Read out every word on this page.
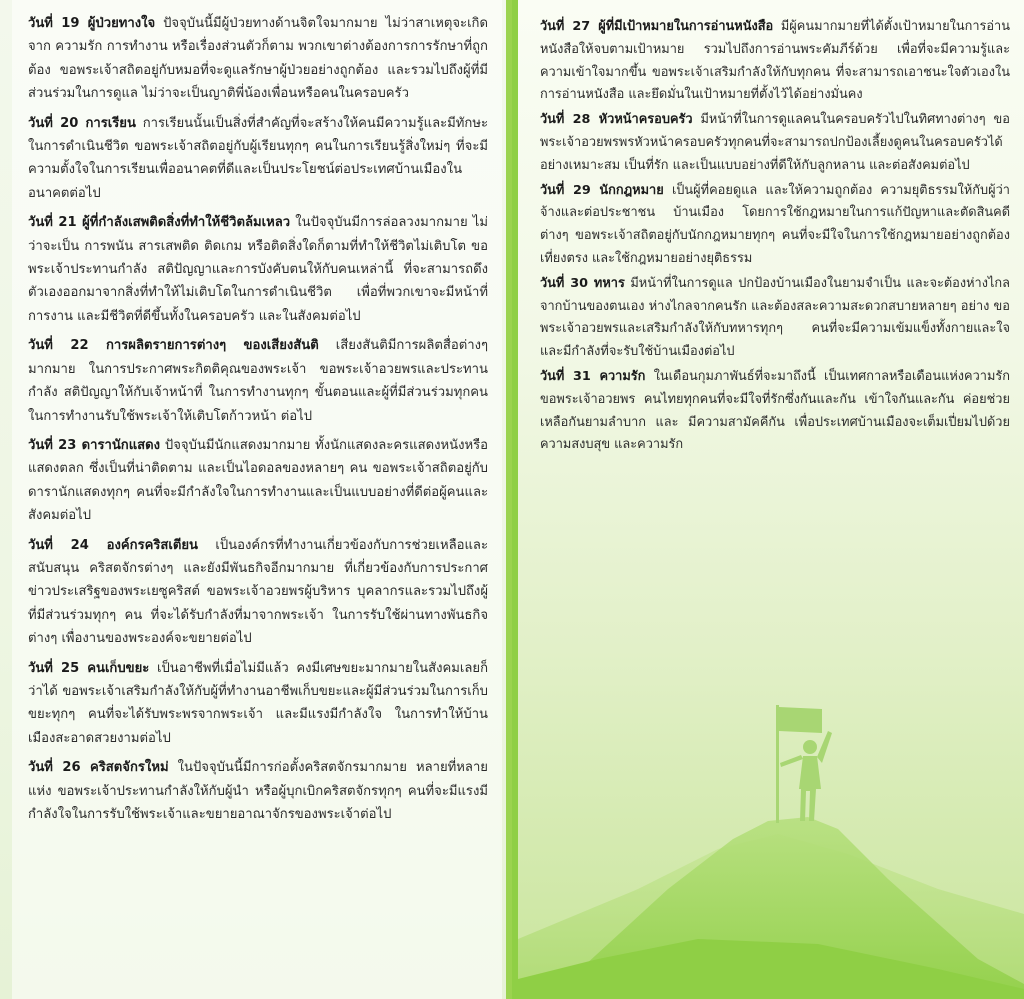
วันที่ 19 ผู้ป่วยทางใจ ปัจจุบันนี้มีผู้ป่วยทางด้านจิตใจมากมาย ไม่ว่าสาเหตุจะเกิดจาก ความรัก การทำงาน หรือเรื่องส่วนตัวก็ตาม พวกเขาต่างต้องการการรักษาที่ถูกต้อง ขอพระเจ้าสถิตอยู่กับหมอที่จะดูแลรักษาผู้ป่วยอย่างถูกต้อง และรวมไปถึงผู้ที่มีส่วนร่วมในการดูแล ไม่ว่าจะเป็นญาติพี่น้องเพื่อนหรือคนในครอบครัว

วันที่ 20 การเรียน การเรียนนั้นเป็นสิ่งที่สำคัญที่จะสร้างให้คนมีความรู้และมีทักษะในการดำเนินชีวิต ขอพระเจ้าสถิตอยู่กับผู้เรียนทุกๆ คนในการเรียนรู้สิ่งใหม่ๆ ที่จะมีความตั้งใจในการเรียนเพื่ออนาคตที่ดีและเป็นประโยชน์ต่อประเทศบ้านเมืองในอนาคตต่อไป

วันที่ 21 ผู้ที่กำลังเสพติดสิ่งที่ทำให้ชีวิตล้มเหลว ในปัจจุบันมีการล่อลวงมากมาย ไม่ว่าจะเป็น การพนัน สารเสพติด ติดเกม หรือติดสิ่งใดก็ตามที่ทำให้ชีวิตไม่เติบโต ขอพระเจ้าประทานกำลัง สติปัญญาและการบังคับตนให้กับคนเหล่านี้ ที่จะสามารถดึงตัวเองออกมาจากสิ่งที่ทำให้ไม่เติบโตในการดำเนินชีวิต เพื่อที่พวกเขาจะมีหน้าที่การงาน และมีชีวิตที่ดีขึ้นทั้งในครอบครัว และในสังคมต่อไป

วันที่ 22 การผลิตรายการต่างๆ ของเสียงสันติ เสียงสันติมีการผลิตสื่อต่างๆ มากมาย ในการประกาศพระกิตติคุณของพระเจ้า ขอพระเจ้าอวยพรและประทานกำลัง สติปัญญาให้กับเจ้าหน้าที่ ในการทำงานทุกๆ ขั้นตอนและผู้ที่มีส่วนร่วมทุกคน ในการทำงานรับใช้พระเจ้าให้เติบโตก้าวหน้า ต่อไป

วันที่ 23 ดารานักแสดง ปัจจุบันมีนักแสดงมากมาย ทั้งนักแสดงละครแสดงหนังหรือแสดงตลก ซึ่งเป็นที่น่าติดตาม และเป็นไอดอลของหลายๆ คน ขอพระเจ้าสถิตอยู่กับดารานักแสดงทุกๆ คนที่จะมีกำลังใจในการทำงานและเป็นแบบอย่างที่ดีต่อผู้คนและสังคมต่อไป

วันที่ 24 องค์กรคริสเตียน เป็นองค์กรที่ทำงานเกี่ยวข้องกับการช่วยเหลือและสนับสนุน คริสตจักรต่างๆ และยังมีพันธกิจอีกมากมาย ที่เกี่ยวข้องกับการประกาศข่าวประเสริฐของพระเยซูคริสต์ ขอพระเจ้าอวยพรผู้บริหาร บุคลากรและรวมไปถึงผู้ที่มีส่วนร่วมทุกๆ คน ที่จะได้รับกำลังที่มาจากพระเจ้า ในการรับใช้ผ่านทางพันธกิจต่างๆ เพื่องานของพระองค์จะขยายต่อไป

วันที่ 25 คนเก็บขยะ เป็นอาชีพที่เมื่อไม่มีแล้ว คงมีเศษขยะมากมายในสังคมเลยก็ว่าได้ ขอพระเจ้าเสริมกำลังให้กับผู้ที่ทำงานอาชีพเก็บขยะและผู้มีส่วนร่วมในการเก็บขยะทุกๆ คนที่จะได้รับพระพรจากพระเจ้า และมีแรงมีกำลังใจ ในการทำให้บ้านเมืองสะอาดสวยงามต่อไป

วันที่ 26 คริสตจักรใหม่ ในปัจจุบันนี้มีการก่อตั้งคริสตจักรมากมาย หลายที่หลายแห่ง ขอพระเจ้าประทานกำลังให้กับผู้นำ หรือผู้บุกเบิกคริสตจักรทุกๆ คนที่จะมีแรงมีกำลังใจในการรับใช้พระเจ้าและขยายอาณาจักรของพระเจ้าต่อไป

วันที่ 27 ผู้ที่มีเป้าหมายในการอ่านหนังสือ มีผู้คนมากมายที่ได้ตั้งเป้าหมายในการอ่านหนังสือให้จบตามเป้าหมาย รวมไปถึงการอ่านพระคัมภีร์ด้วย เพื่อที่จะมีความรู้และความเข้าใจมากขึ้น ขอพระเจ้าเสริมกำลังให้กับทุกคน ที่จะสามารถเอาชนะใจตัวเองในการอ่านหนังสือ และยึดมั่นในเป้าหมายที่ตั้งไว้ได้อย่างมั่นคง

วันที่ 28 หัวหน้าครอบครัว มีหน้าที่ในการดูแลคนในครอบครัวไปในทิศทางต่างๆ ขอพระเจ้าอวยพรพรหัวหน้าครอบครัวทุกคนที่จะสามารถปกป้องเลี้ยงดูคนในครอบครัวได้อย่างเหมาะสม เป็นที่รัก และเป็นแบบอย่างที่ดีให้กับลูกหลาน และต่อสังคมต่อไป

วันที่ 29 นักกฎหมาย เป็นผู้ที่คอยดูแล และให้ความถูกต้อง ความยุติธรรมให้กับผู้ว่าจ้างและต่อประชาชน บ้านเมือง โดยการใช้กฎหมายในการแก้ปัญหาและตัดสินคดีต่างๆ ขอพระเจ้าสถิตอยู่กับนักกฎหมายทุกๆ คนที่จะมีใจในการใช้กฎหมายอย่างถูกต้อง เที่ยงตรง และใช้กฎหมายอย่างยุติธรรม

วันที่ 30 ทหาร มีหน้าที่ในการดูแล ปกป้องบ้านเมืองในยามจำเป็น และจะต้องห่างไกลจากบ้านของตนเอง ห่างไกลจากคนรัก และต้องสละความสะดวกสบายหลายๆ อย่าง ขอพระเจ้าอวยพรและเสริมกำลังให้กับทหารทุกๆ คนที่จะมีความเข้มแข็งทั้งกายและใจ และมีกำลังที่จะรับใช้บ้านเมืองต่อไป

วันที่ 31 ความรัก ในเดือนกุมภาพันธ์ที่จะมาถึงนี้ เป็นเทศกาลหรือเดือนแห่งความรัก ขอพระเจ้าอวยพร คนไทยทุกคนที่จะมีใจที่รักซึ่งกันและกัน เข้าใจกันและกัน ค่อยช่วยเหลือกันยามลำบาก และ มีความสามัคคีกัน เพื่อประเทศบ้านเมืองจะเต็มเปี่ยมไปด้วยความสงบสุข และความรัก
